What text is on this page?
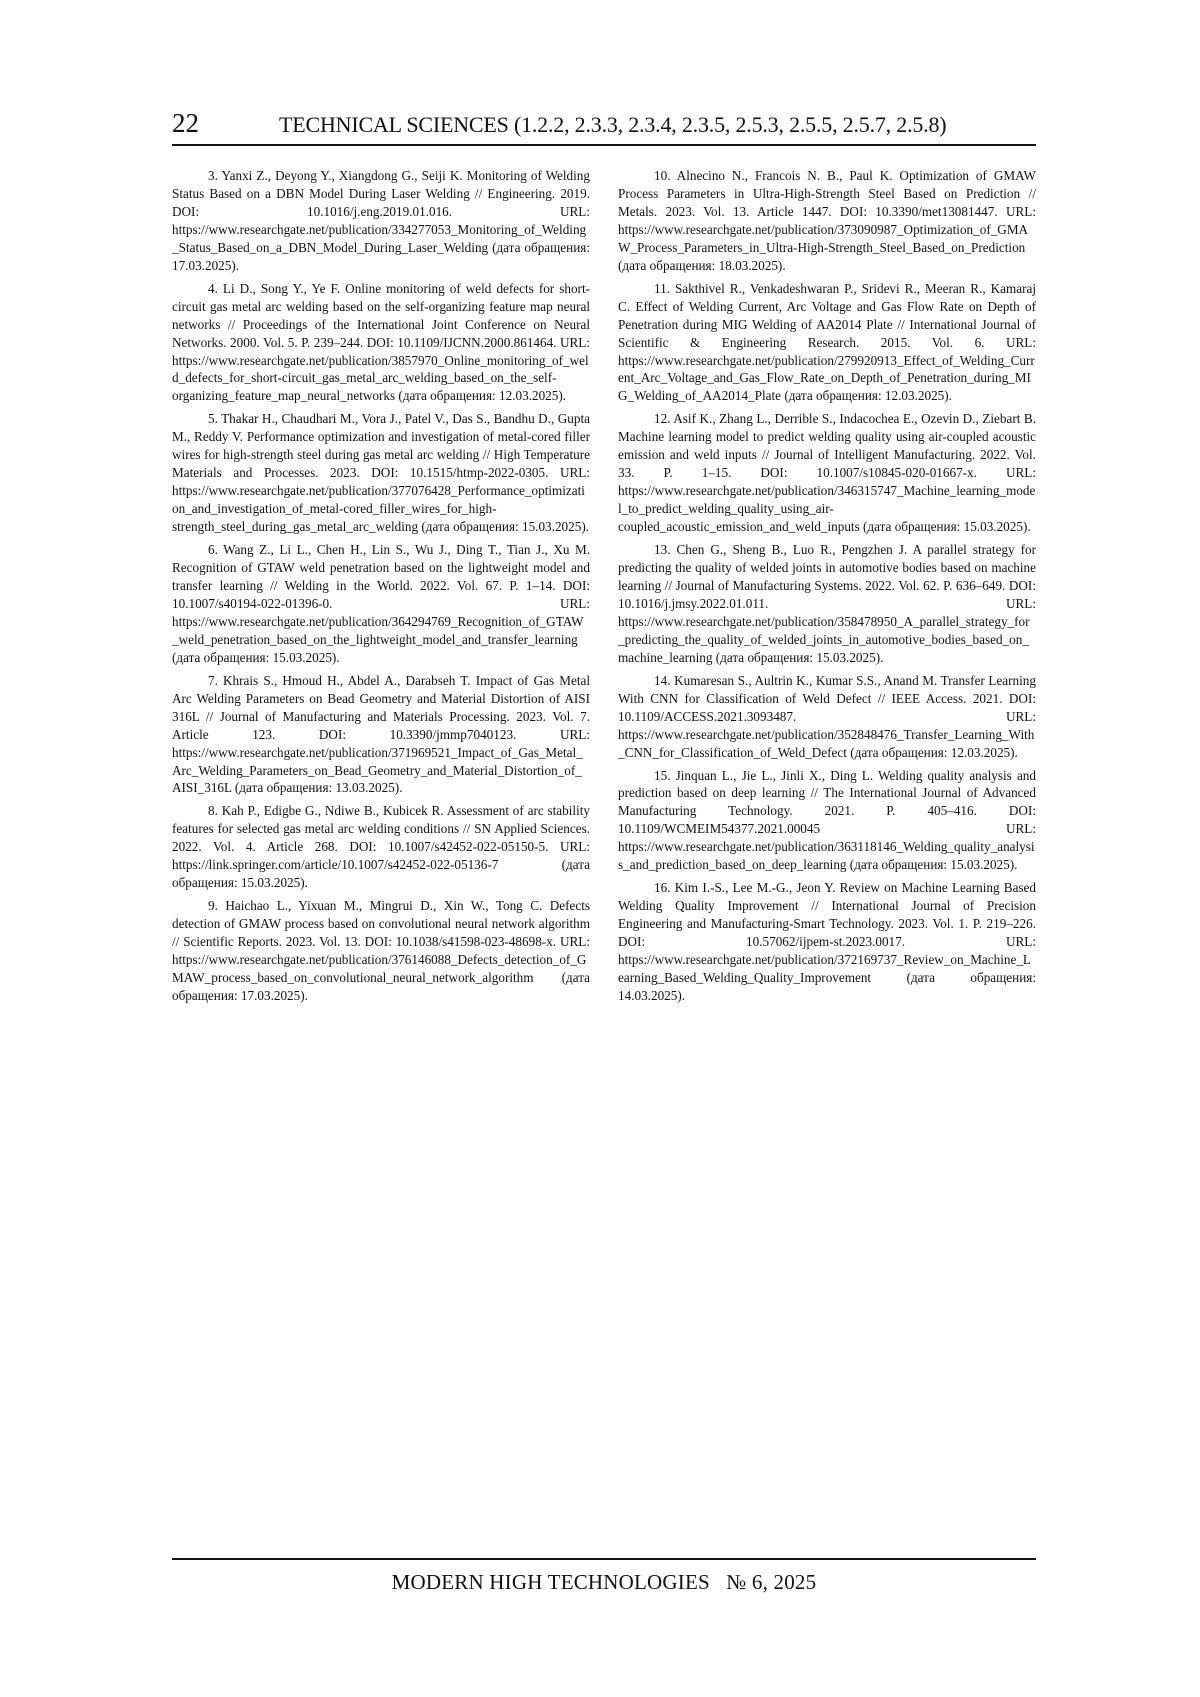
22	TECHNICAL SCIENCES (1.2.2, 2.3.3, 2.3.4, 2.3.5, 2.5.3, 2.5.5, 2.5.7, 2.5.8)

3. Yanxi Z., Deyong Y., Xiangdong G., Seiji K. Monitoring of Welding Status Based on a DBN Model During Laser Welding // Engineering. 2019. DOI: 10.1016/j.eng.2019.01.016. URL: https://www.researchgate.net/publication/334277053_Monitoring_of_Welding_Status_Based_on_a_DBN_Model_During_Laser_Welding (дата обращения: 17.03.2025).

4. Li D., Song Y., Ye F. Online monitoring of weld defects for short-circuit gas metal arc welding based on the self-organizing feature map neural networks // Proceedings of the International Joint Conference on Neural Networks. 2000. Vol. 5. P. 239–244. DOI: 10.1109/IJCNN.2000.861464. URL: https://www.researchgate.net/publication/3857970_Online_monitoring_of_weld_defects_for_short-circuit_gas_metal_arc_welding_based_on_the_self-organizing_feature_map_neural_networks (дата обращения: 12.03.2025).

5. Thakar H., Chaudhari M., Vora J., Patel V., Das S., Bandhu D., Gupta M., Reddy V. Performance optimization and investigation of metal-cored filler wires for high-strength steel during gas metal arc welding // High Temperature Materials and Processes. 2023. DOI: 10.1515/htmp-2022-0305. URL: https://www.researchgate.net/publication/377076428_Performance_optimization_and_investigation_of_metal-cored_filler_wires_for_high-strength_steel_during_gas_metal_arc_welding (дата обращения: 15.03.2025).

6. Wang Z., Li L., Chen H., Lin S., Wu J., Ding T., Tian J., Xu M. Recognition of GTAW weld penetration based on the lightweight model and transfer learning // Welding in the World. 2022. Vol. 67. P. 1–14. DOI: 10.1007/s40194-022-01396-0. URL: https://www.researchgate.net/publication/364294769_Recognition_of_GTAW_weld_penetration_based_on_the_lightweight_model_and_transfer_learning (дата обращения: 15.03.2025).

7. Khrais S., Hmoud H., Abdel A., Darabseh T. Impact of Gas Metal Arc Welding Parameters on Bead Geometry and Material Distortion of AISI 316L // Journal of Manufacturing and Materials Processing. 2023. Vol. 7. Article 123. DOI: 10.3390/jmmp7040123. URL: https://www.researchgate.net/publication/371969521_Impact_of_Gas_Metal_Arc_Welding_Parameters_on_Bead_Geometry_and_Material_Distortion_of_AISI_316L (дата обращения: 13.03.2025).

8. Kah P., Edigbe G., Ndiwe B., Kubicek R. Assessment of arc stability features for selected gas metal arc welding conditions // SN Applied Sciences. 2022. Vol. 4. Article 268. DOI: 10.1007/s42452-022-05150-5. URL: https://link.springer.com/article/10.1007/s42452-022-05136-7 (дата обращения: 15.03.2025).

9. Haichao L., Yixuan M., Mingrui D., Xin W., Tong C. Defects detection of GMAW process based on convolutional neural network algorithm // Scientific Reports. 2023. Vol. 13. DOI: 10.1038/s41598-023-48698-x. URL: https://www.researchgate.net/publication/376146088_Defects_detection_of_GMAW_process_based_on_convolutional_neural_network_algorithm (дата обращения: 17.03.2025).

10. Alnecino N., Francois N. B., Paul K. Optimization of GMAW Process Parameters in Ultra-High-Strength Steel Based on Prediction // Metals. 2023. Vol. 13. Article 1447. DOI: 10.3390/met13081447. URL: https://www.researchgate.net/publication/373090987_Optimization_of_GMAW_Process_Parameters_in_Ultra-High-Strength_Steel_Based_on_Prediction (дата обращения: 18.03.2025).

11. Sakthivel R., Venkadeshwaran P., Sridevi R., Meeran R., Kamaraj C. Effect of Welding Current, Arc Voltage and Gas Flow Rate on Depth of Penetration during MIG Welding of AA2014 Plate // International Journal of Scientific & Engineering Research. 2015. Vol. 6. URL: https://www.researchgate.net/publication/279920913_Effect_of_Welding_Current_Arc_Voltage_and_Gas_Flow_Rate_on_Depth_of_Penetration_during_MIG_Welding_of_AA2014_Plate (дата обращения: 12.03.2025).

12. Asif K., Zhang L., Derrible S., Indacochea E., Ozevin D., Ziebart B. Machine learning model to predict welding quality using air-coupled acoustic emission and weld inputs // Journal of Intelligent Manufacturing. 2022. Vol. 33. P. 1–15. DOI: 10.1007/s10845-020-01667-x. URL: https://www.researchgate.net/publication/346315747_Machine_learning_model_to_predict_welding_quality_using_air-coupled_acoustic_emission_and_weld_inputs (дата обращения: 15.03.2025).

13. Chen G., Sheng B., Luo R., Pengzhen J. A parallel strategy for predicting the quality of welded joints in automotive bodies based on machine learning // Journal of Manufacturing Systems. 2022. Vol. 62. P. 636–649. DOI: 10.1016/j.jmsy.2022.01.011. URL: https://www.researchgate.net/publication/358478950_A_parallel_strategy_for_predicting_the_quality_of_welded_joints_in_automotive_bodies_based_on_machine_learning (дата обращения: 15.03.2025).

14. Kumaresan S., Aultrin K., Kumar S.S., Anand M. Transfer Learning With CNN for Classification of Weld Defect // IEEE Access. 2021. DOI: 10.1109/ACCESS.2021.3093487. URL: https://www.researchgate.net/publication/352848476_Transfer_Learning_With_CNN_for_Classification_of_Weld_Defect (дата обращения: 12.03.2025).

15. Jinquan L., Jie L., Jinli X., Ding L. Welding quality analysis and prediction based on deep learning // The International Journal of Advanced Manufacturing Technology. 2021. P. 405–416. DOI: 10.1109/WCMEIM54377.2021.00045 URL: https://www.researchgate.net/publication/363118146_Welding_quality_analysis_and_prediction_based_on_deep_learning (дата обращения: 15.03.2025).

16. Kim I.-S., Lee M.-G., Jeon Y. Review on Machine Learning Based Welding Quality Improvement // International Journal of Precision Engineering and Manufacturing-Smart Technology. 2023. Vol. 1. P. 219–226. DOI: 10.57062/ijpem-st.2023.0017. URL: https://www.researchgate.net/publication/372169737_Review_on_Machine_Learning_Based_Welding_Quality_Improvement (дата обращения: 14.03.2025).

MODERN HIGH TECHNOLOGIES № 6, 2025
